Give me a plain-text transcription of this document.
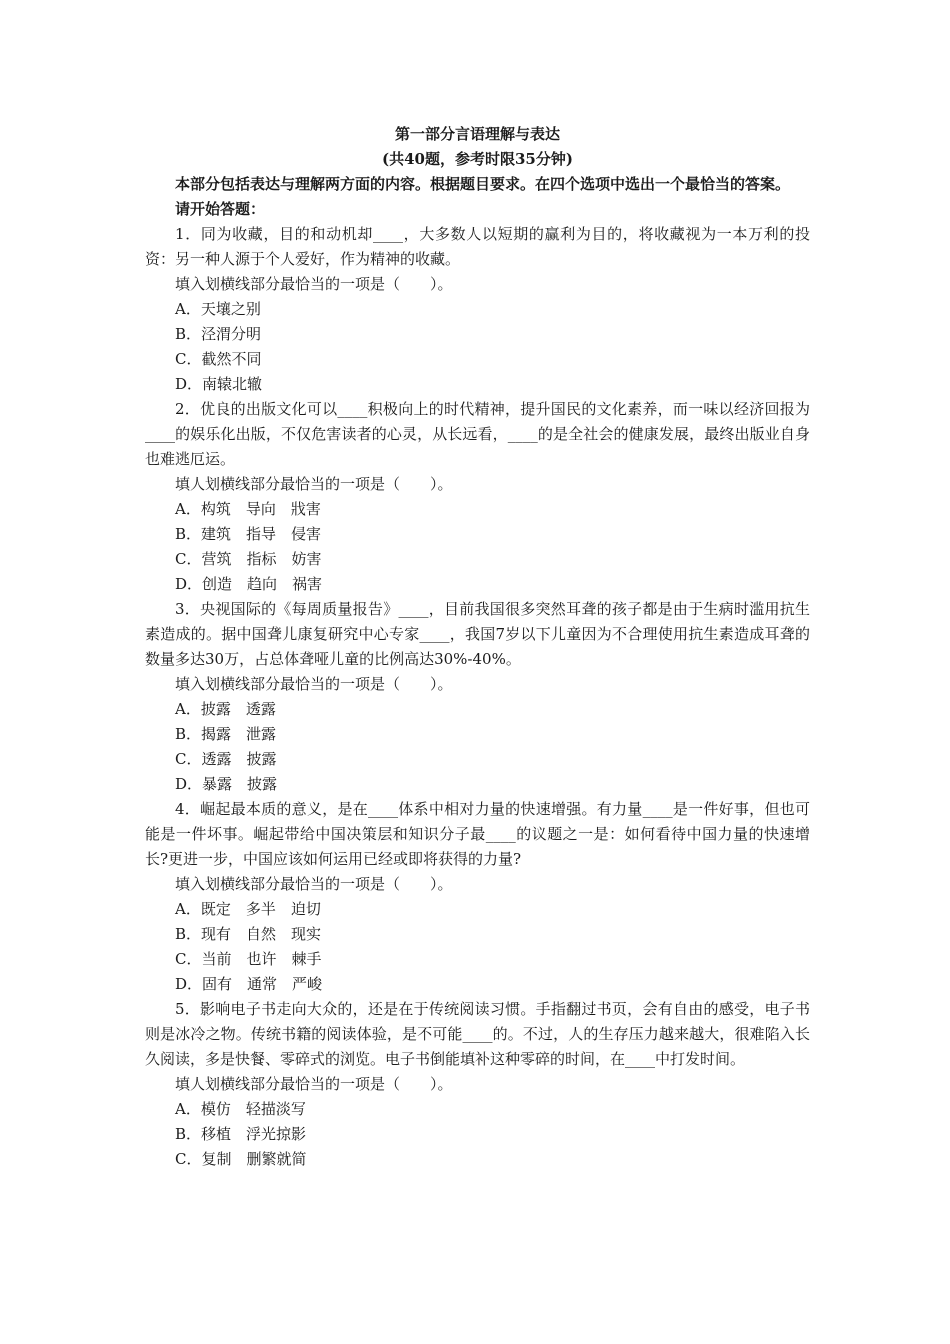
第一部分言语理解与表达

(共40题，参考时限35分钟)

本部分包括表达与理解两方面的内容。根据题目要求。在四个选项中选出一个最恰当的答案。

请开始答题：

1．同为收藏，目的和动机却____，大多数人以短期的赢利为目的，将收藏视为一本万利的投资：另一种人源于个人爱好，作为精神的收藏。

填入划横线部分最恰当的一项是（　　）。

A．天壤之别

B．泾渭分明

C．截然不同

D．南辕北辙

2．优良的出版文化可以____积极向上的时代精神，提升国民的文化素养，而一味以经济回报为____的娱乐化出版，不仅危害读者的心灵，从长远看，____的是全社会的健康发展，最终出版业自身也难逃厄运。

填人划横线部分最恰当的一项是（　　）。

A．构筑　导向　戕害

B．建筑　指导　侵害

C．营筑　指标　妨害

D．创造　趋向　祸害

3．央视国际的《每周质量报告》____，目前我国很多突然耳聋的孩子都是由于生病时滥用抗生素造成的。据中国聋儿康复研究中心专家____，我国7岁以下儿童因为不合理使用抗生素造成耳聋的数量多达30万，占总体聋哑儿童的比例高达30%-40%。

填入划横线部分最恰当的一项是（　　）。

A．披露　透露

B．揭露　泄露

C．透露　披露

D．暴露　披露

4．崛起最本质的意义，是在____体系中相对力量的快速增强。有力量____是一件好事，但也可能是一件坏事。崛起带给中国决策层和知识分子最____的议题之一是：如何看待中国力量的快速增长?更进一步，中国应该如何运用已经或即将获得的力量?

填入划横线部分最恰当的一项是（　　）。

A．既定　多半　迫切

B．现有　自然　现实

C．当前　也许　棘手

D．固有　通常　严峻

5．影响电子书走向大众的，还是在于传统阅读习惯。手指翻过书页，会有自由的感受，电子书则是冰冷之物。传统书籍的阅读体验，是不可能____的。不过，人的生存压力越来越大，很难陷入长久阅读，多是快餐、零碎式的浏览。电子书倒能填补这种零碎的时间，在____中打发时间。

填人划横线部分最恰当的一项是（　　）。

A．模仿　轻描淡写

B．移植　浮光掠影

C．复制　删繁就简
